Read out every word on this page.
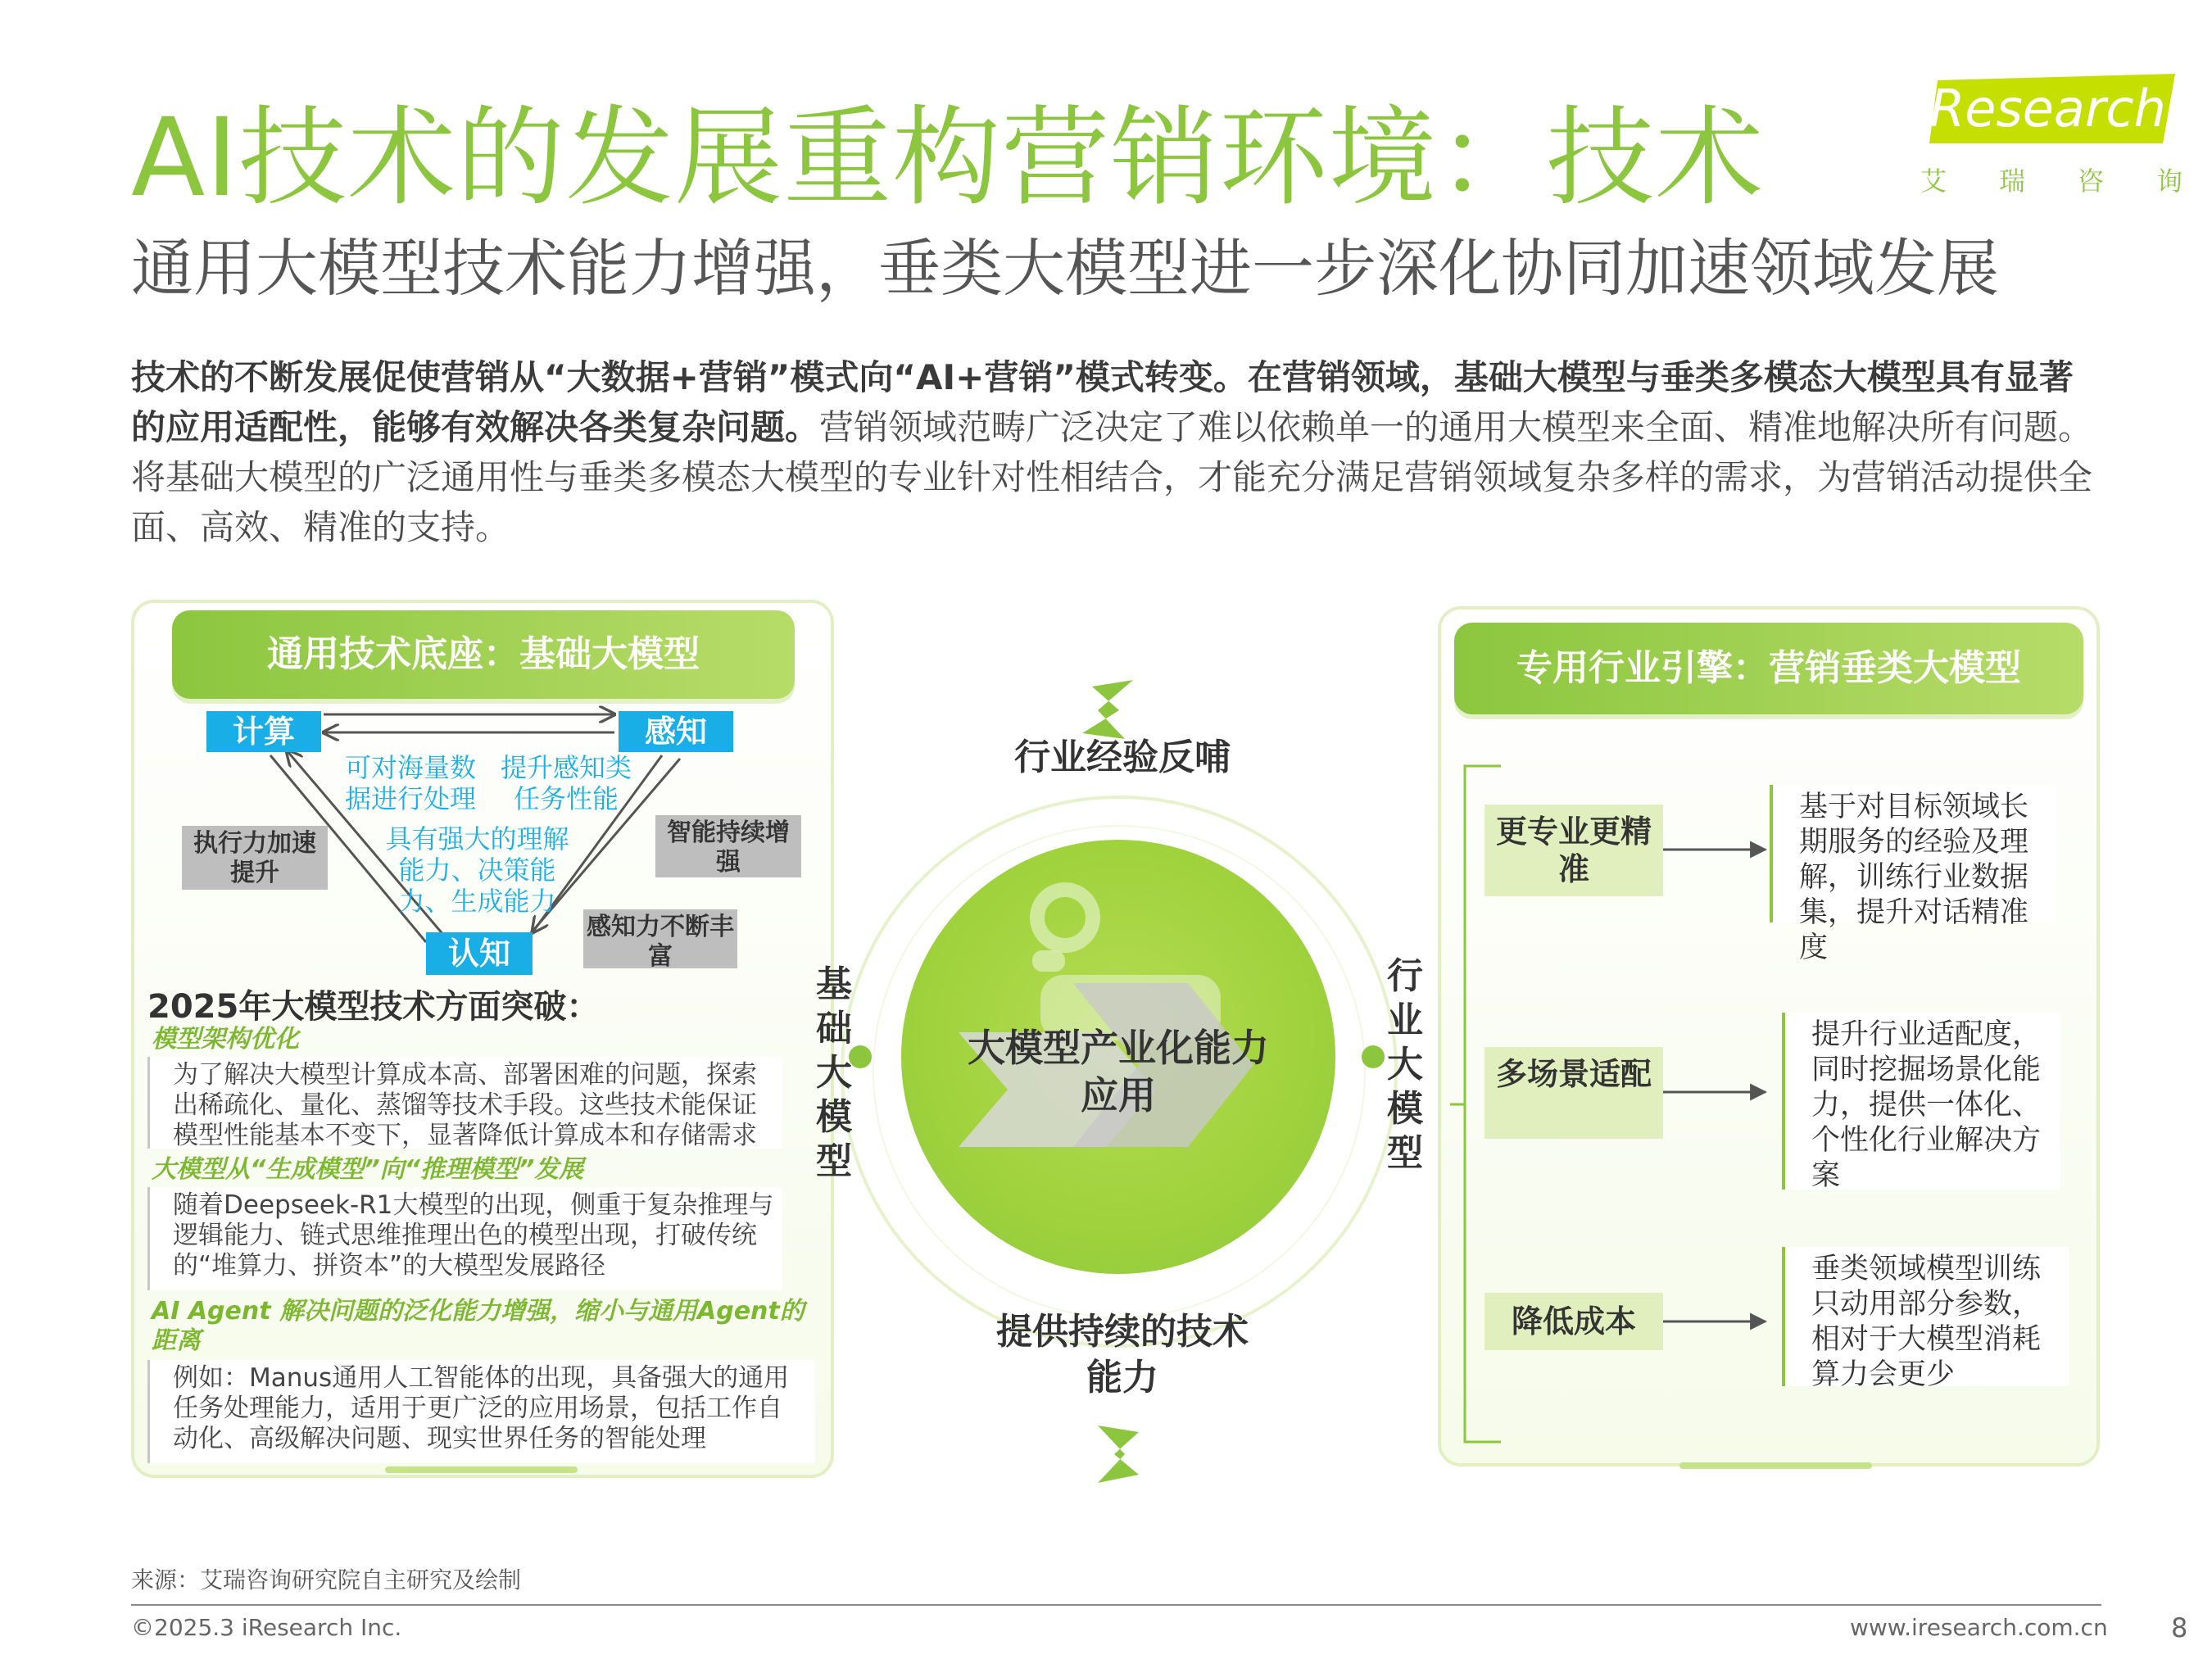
AI技术的发展重构营销环境：技术
通用大模型技术能力增强，垂类大模型进一步深化协同加速领域发展
iResearch
艾 瑞 咨 询
技术的不断发展促使营销从“大数据+营销”模式向“AI+营销”模式转变。在营销领域，基础大模型与垂类多模态大模型具有显著的应用适配性，能够有效解决各类复杂问题。营销领域范畴广泛决定了难以依赖单一的通用大模型来全面、精准地解决所有问题。将基础大模型的广泛通用性与垂类多模态大模型的专业针对性相结合，才能充分满足营销领域复杂多样的需求，为营销活动提供全面、高效、精准的支持。
通用技术底座：基础大模型
计算	感知
认知
可对海量数据进行处理
提升感知类任务性能
具有强大的理解能力、决策能力、生成能力
执行力加速提升
智能持续增强
感知力不断丰富
2025年大模型技术方面突破：
模型架构优化
为了解决大模型计算成本高、部署困难的问题，探索出稀疏化、量化、蒸馏等技术手段。这些技术能保证模型性能基本不变下，显著降低计算成本和存储需求
大模型从“生成模型”向“推理模型”发展
随着Deepseek-R1大模型的出现，侧重于复杂推理与逻辑能力、链式思维推理出色的模型出现，打破传统的“堆算力、拼资本”的大模型发展路径
AI Agent 解决问题的泛化能力增强，缩小与通用Agent的距离
例如：Manus通用人工智能体的出现，具备强大的通用任务处理能力，适用于更广泛的应用场景，包括工作自动化、高级解决问题、现实世界任务的智能处理
大模型产业化能力应用
行业经验反哺
提供持续的技术能力
基础大模型
行业大模型
专用行业引擎：营销垂类大模型
更专业更精准
基于对目标领域长期服务的经验及理解，训练行业数据集，提升对话精准度
多场景适配
提升行业适配度，同时挖掘场景化能力，提供一体化、个性化行业解决方案
降低成本
垂类领域模型训练只动用部分参数，相对于大模型消耗算力会更少
来源：艾瑞咨询研究院自主研究及绘制
©2025.3 iResearch Inc.	www.iresearch.com.cn 8
